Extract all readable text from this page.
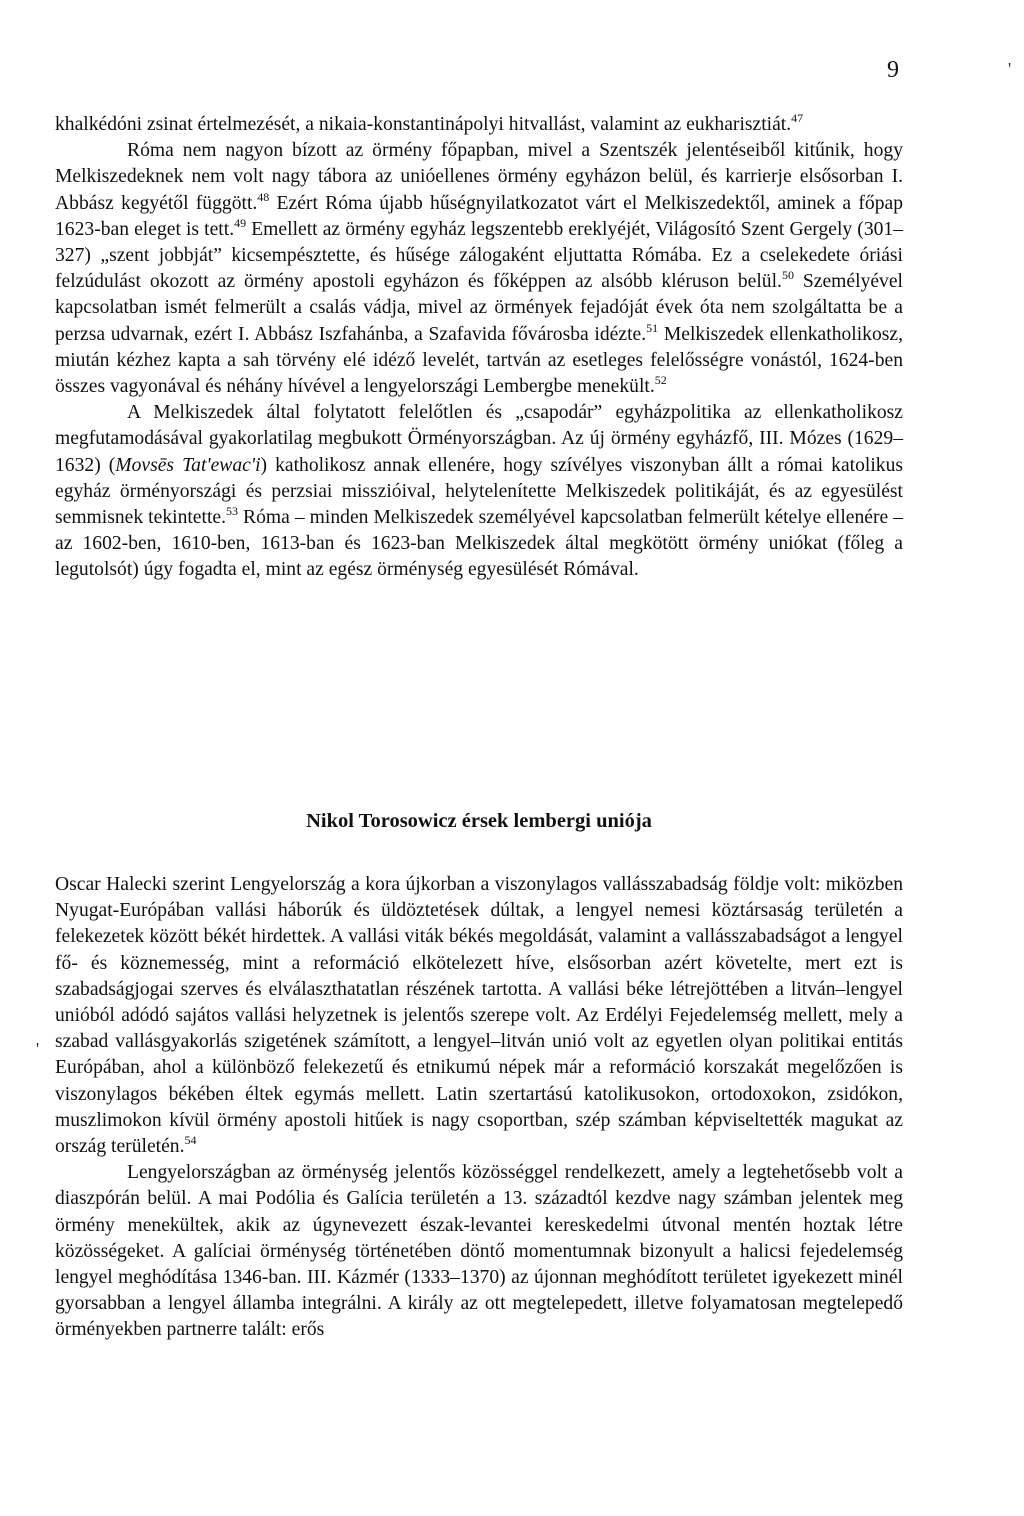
9	'
'

khalkédóni zsinat értelmezését, a nikaia-konstantinápolyi hitvallást, valamint az eukharisztiát.$^{47}$

Róma nem nagyon bízott az örmény főpapban, mivel a Szentszék jelentéseiből kitűnik, hogy Melkiszedeknek nem volt nagy tábora az unióellenes örmény egyházon belül, és karrierje elsősorban I. Abbász kegyétől függött.$^{48}$ Ezért Róma újabb hűségnyilatkozatot várt el Melkiszedektől, aminek a főpap 1623-ban eleget is tett.$^{49}$ Emellett az örmény egyház legszentebb ereklyéjét, Világosító Szent Gergely (301–327) „szent jobbját” kicsempésztette, és hűsége zálogaként eljuttatta Rómába. Ez a cselekedete óriási felzúdulást okozott az örmény apostoli egyházon és főképpen az alsóbb kléruson belül.$^{50}$ Személyével kapcsolatban ismét felmerült a csalás vádja, mivel az örmények fejadóját évek óta nem szolgáltatta be a perzsa udvarnak, ezért I. Abbász Iszfahánba, a Szafavida fővárosba idézte.$^{51}$ Melkiszedek ellenkatholikosz, miután kézhez kapta a sah törvény elé idéző levelét, tartván az esetleges felelősségre vonástól, 1624-ben összes vagyonával és néhány hívével a lengyelországi Lembergbe menekült.$^{52}$

A Melkiszedek által folytatott felelőtlen és „csapodár” egyházpolitika az ellenkatholikosz megfutamodásával gyakorlatilag megbukott Örményországban. Az új örmény egyházfő, III. Mózes (1629–1632) (Movsēs Tat'ewac'i) katholikosz annak ellenére, hogy szívélyes viszonyban állt a római katolikus egyház örményországi és perzsiai misszióival, helytelenítette Melkiszedek politikáját, és az egyesülést semmisnek tekintette.$^{53}$ Róma – minden Melkiszedek személyével kapcsolatban felmerült kételye ellenére – az 1602-ben, 1610-ben, 1613-ban és 1623-ban Melkiszedek által megkötött örmény uniókat (főleg a legutolsót) úgy fogadta el, mint az egész örménység egyesülését Rómával.

Nikol Torosowicz érsek lembergi uniója

Oscar Halecki szerint Lengyelország a kora újkorban a viszonylagos vallásszabadság földje volt: miközben Nyugat-Európában vallási háborúk és üldöztetések dúltak, a lengyel nemesi köztársaság területén a felekezetek között békét hirdettek. A vallási viták békés megoldását, valamint a vallásszabadságot a lengyel fő- és köznemesség, mint a reformáció elkötelezett híve, elsősorban azért követelte, mert ezt is szabadságjogai szerves és elválaszthatatlan részének tartotta. A vallási béke létrejöttében a litván–lengyel unióból adódó sajátos vallási helyzetnek is jelentős szerepe volt. Az Erdélyi Fejedelemség mellett, mely a szabad vallásgyakorlás szigetének számított, a lengyel–litván unió volt az egyetlen olyan politikai entitás Európában, ahol a különböző felekezetű és etnikumú népek már a reformáció korszakát megelőzően is viszonylagos békében éltek egymás mellett. Latin szertartású katolikusokon, ortodoxokon, zsidókon, muszlimokon kívül örmény apostoli hitűek is nagy csoportban, szép számban képviseltették magukat az ország területén.$^{54}$

Lengyelországban az örménység jelentős közösséggel rendelkezett, amely a legtehetősebb volt a diaszpórán belül. A mai Podólia és Galícia területén a 13. századtól kezdve nagy számban jelentek meg örmény menekültek, akik az úgynevezett észak-levantei kereskedelmi útvonal mentén hoztak létre közösségeket. A galíciai örménység történetében döntő momentumnak bizonyult a halicsi fejedelemség lengyel meghódítása 1346-ban. III. Kázmér (1333–1370) az újonnan meghódított területet igyekezett minél gyorsabban a lengyel államba integrálni. A király az ott megtelepedett, illetve folyamatosan megtelepedő örményekben partnerre talált: erős
